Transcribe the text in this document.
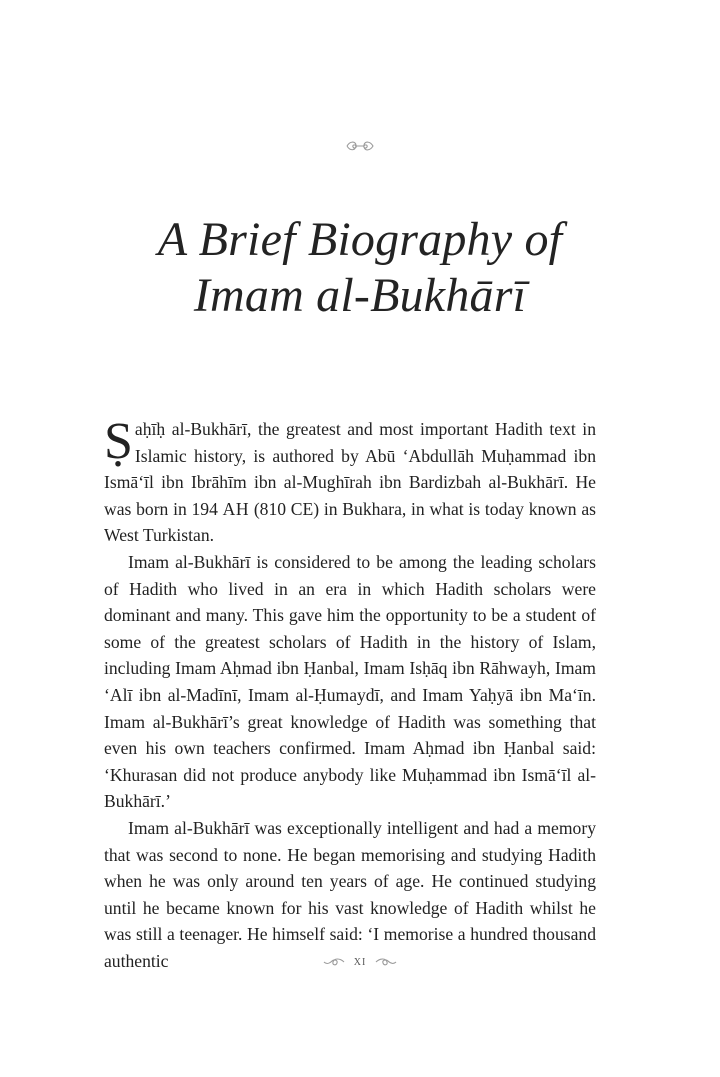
A Brief Biography of
Imam al-Bukhārī

Ṣaḥīḥ al-Bukhārī, the greatest and most important Hadith text in Islamic history, is authored by Abū ‘Abdullāh Muḥammad ibn Ismā‘īl ibn Ibrāhīm ibn al-Mughīrah ibn Bardizbah al-Bukhārī. He was born in 194 AH (810 CE) in Bukhara, in what is today known as West Turkistan.

Imam al-Bukhārī is considered to be among the leading scholars of Hadith who lived in an era in which Hadith scholars were dominant and many. This gave him the opportunity to be a student of some of the greatest scholars of Hadith in the history of Islam, including Imam Aḥmad ibn Ḥanbal, Imam Isḥāq ibn Rāhwayh, Imam ‘Alī ibn al-Madīnī, Imam al-Ḥumaydī, and Imam Yaḥyā ibn Ma‘īn. Imam al-Bukhārī’s great knowledge of Hadith was something that even his own teachers confirmed. Imam Aḥmad ibn Ḥanbal said: ‘Khurasan did not produce anybody like Muḥammad ibn Ismā‘īl al-Bukhārī.’

Imam al-Bukhārī was exceptionally intelligent and had a memory that was second to none. He began memorising and studying Hadith when he was only around ten years of age. He continued studying until he became known for his vast knowledge of Hadith whilst he was still a teenager. He himself said: ‘I memorise a hundred thousand authentic	xi
